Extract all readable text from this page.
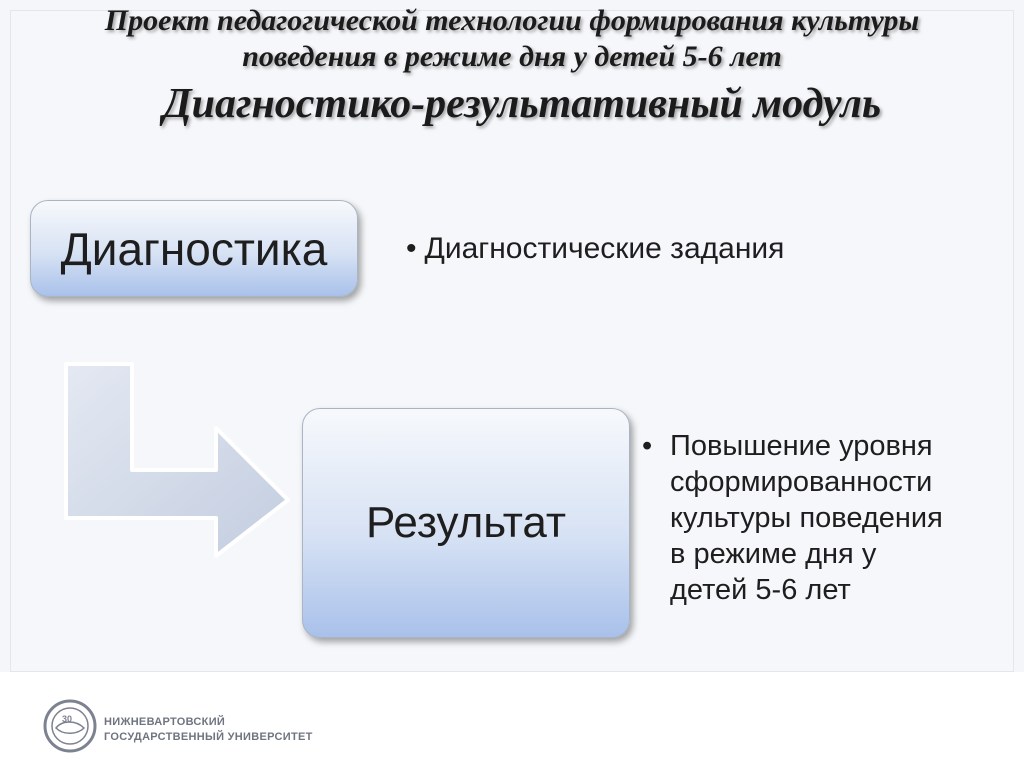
Проект педагогической технологии формирования культуры
поведения в режиме дня у детей 5-6 лет
Диагностико-результативный модуль
Диагностика	• Диагностические задания
Результат
• Повышение уровня
сформированности
культуры поведения
в режиме дня у
детей 5-6 лет
30	НИЖНЕВАРТОВСКИЙ
ГОСУДАРСТВЕННЫЙ УНИВЕРСИТЕТ
